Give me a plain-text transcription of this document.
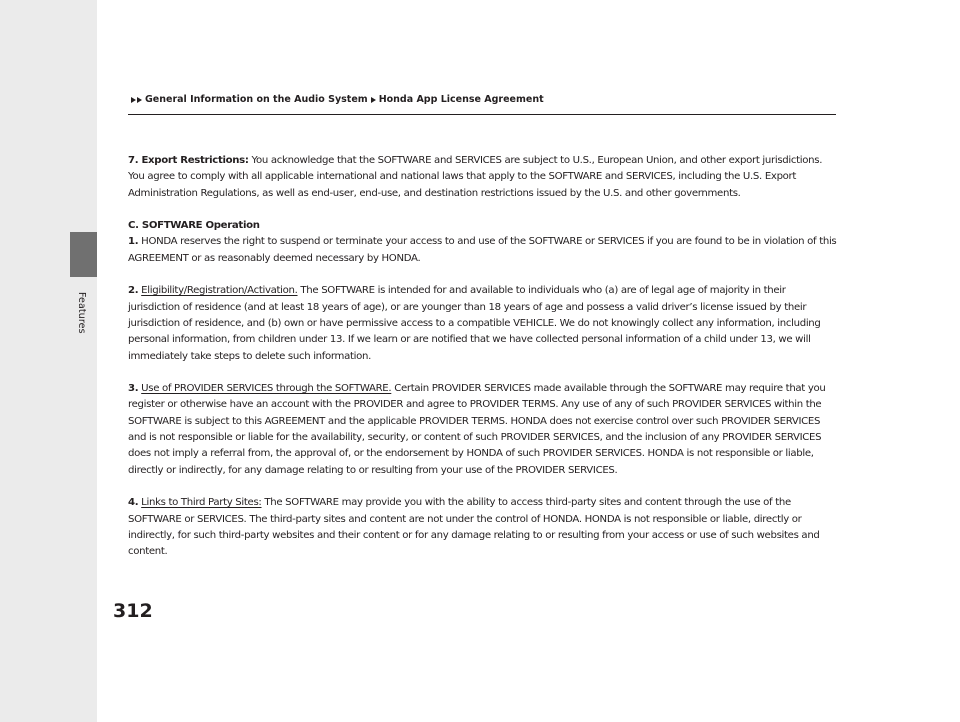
Features
General Information on the Audio System Honda App License Agreement

7. Export Restrictions: You acknowledge that the SOFTWARE and SERVICES are subject to U.S., European Union, and other export jurisdictions. You agree to comply with all applicable international and national laws that apply to the SOFTWARE and SERVICES, including the U.S. Export Administration Regulations, as well as end-user, end-use, and destination restrictions issued by the U.S. and other governments.

C. SOFTWARE Operation
1. HONDA reserves the right to suspend or terminate your access to and use of the SOFTWARE or SERVICES if you are found to be in violation of this AGREEMENT or as reasonably deemed necessary by HONDA.

2. Eligibility/Registration/Activation. The SOFTWARE is intended for and available to individuals who (a) are of legal age of majority in their jurisdiction of residence (and at least 18 years of age), or are younger than 18 years of age and possess a valid driver’s license issued by their jurisdiction of residence, and (b) own or have permissive access to a compatible VEHICLE. We do not knowingly collect any information, including personal information, from children under 13. If we learn or are notified that we have collected personal information of a child under 13, we will immediately take steps to delete such information.

3. Use of PROVIDER SERVICES through the SOFTWARE. Certain PROVIDER SERVICES made available through the SOFTWARE may require that you register or otherwise have an account with the PROVIDER and agree to PROVIDER TERMS. Any use of any of such PROVIDER SERVICES within the SOFTWARE is subject to this AGREEMENT and the applicable PROVIDER TERMS. HONDA does not exercise control over such PROVIDER SERVICES and is not responsible or liable for the availability, security, or content of such PROVIDER SERVICES, and the inclusion of any PROVIDER SERVICES does not imply a referral from, the approval of, or the endorsement by HONDA of such PROVIDER SERVICES. HONDA is not responsible or liable, directly or indirectly, for any damage relating to or resulting from your use of the PROVIDER SERVICES.

4. Links to Third Party Sites: The SOFTWARE may provide you with the ability to access third-party sites and content through the use of the SOFTWARE or SERVICES. The third-party sites and content are not under the control of HONDA. HONDA is not responsible or liable, directly or indirectly, for such third-party websites and their content or for any damage relating to or resulting from your access or use of such websites and content.

312
